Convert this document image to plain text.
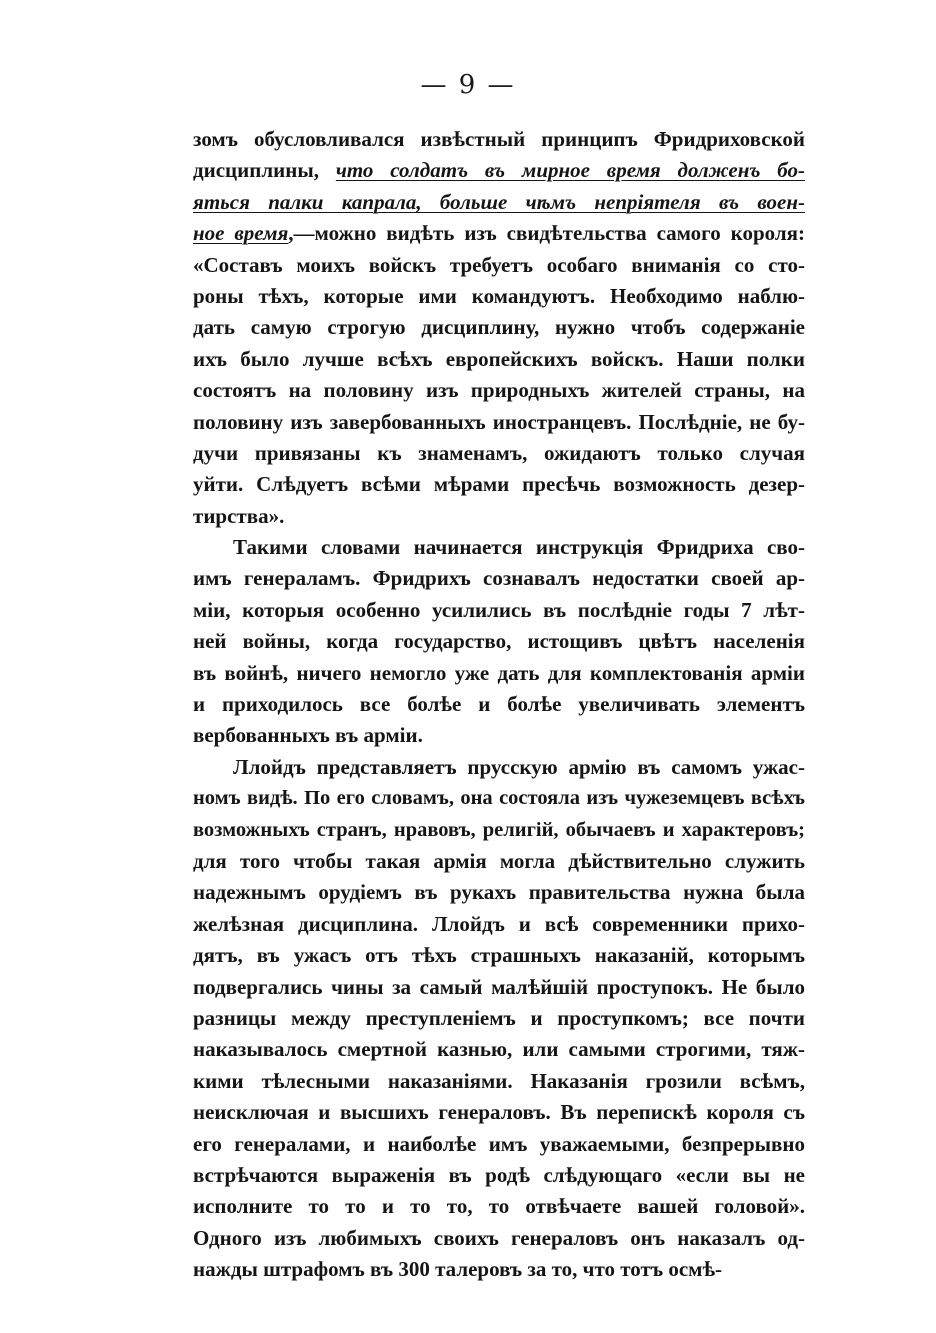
— 9 —
зомъ обусловливался извѣстный принципъ Фридриховской
дисциплины, что солдатъ въ мирное время долженъ бо-
яться палки капрала, больше чѣмъ непріятеля въ воен-
ное время,—можно видѣть изъ свидѣтельства самого короля:
«Составъ моихъ войскъ требуетъ особаго вниманія со сто-
роны тѣхъ, которые ими командуютъ. Необходимо наблю-
дать самую строгую дисциплину, нужно чтобъ содержаніе
ихъ было лучше всѣхъ европейскихъ войскъ. Наши полки
состоятъ на половину изъ природныхъ жителей страны, на
половину изъ завербованныхъ иностранцевъ. Послѣдніе, не бу-
дучи привязаны къ знаменамъ, ожидаютъ только случая
уйти. Слѣдуетъ всѣми мѣрами пресѣчь возможность дезер-
тирства».
Такими словами начинается инструкція Фридриха сво-
имъ генераламъ. Фридрихъ сознавалъ недостатки своей ар-
міи, которыя особенно усилились въ послѣдніе годы 7 лѣт-
ней войны, когда государство, истощивъ цвѣтъ населенія
въ войнѣ, ничего немогло уже дать для комплектованія арміи
и приходилось все болѣе и болѣе увеличивать элементъ
вербованныхъ въ арміи.
Ллойдъ представляетъ прусскую армію въ самомъ ужас-
номъ видѣ. По его словамъ, она состояла изъ чужеземцевъ всѣхъ
возможныхъ странъ, нравовъ, религій, обычаевъ и характеровъ;
для того чтобы такая армія могла дѣйствительно служить
надежнымъ орудіемъ въ рукахъ правительства нужна была
желѣзная дисциплина. Ллойдъ и всѣ современники прихо-
дятъ, въ ужасъ отъ тѣхъ страшныхъ наказаній, которымъ
подвергались чины за самый малѣйшій проступокъ. Не было
разницы между преступленіемъ и проступкомъ; все почти
наказывалось смертной казнью, или самыми строгими, тяж-
кими тѣлесными наказаніями. Наказанія грозили всѣмъ,
неисключая и высшихъ генераловъ. Въ перепискѣ короля съ
его генералами, и наиболѣе имъ уважаемыми, безпрерывно
встрѣчаются выраженія въ родѣ слѣдующаго «если вы не
исполните то то и то то, то отвѣчаете вашей головой».
Одного изъ любимыхъ своихъ генераловъ онъ наказалъ од-
нажды штрафомъ въ 300 талеровъ за то, что тотъ осмѣ-
